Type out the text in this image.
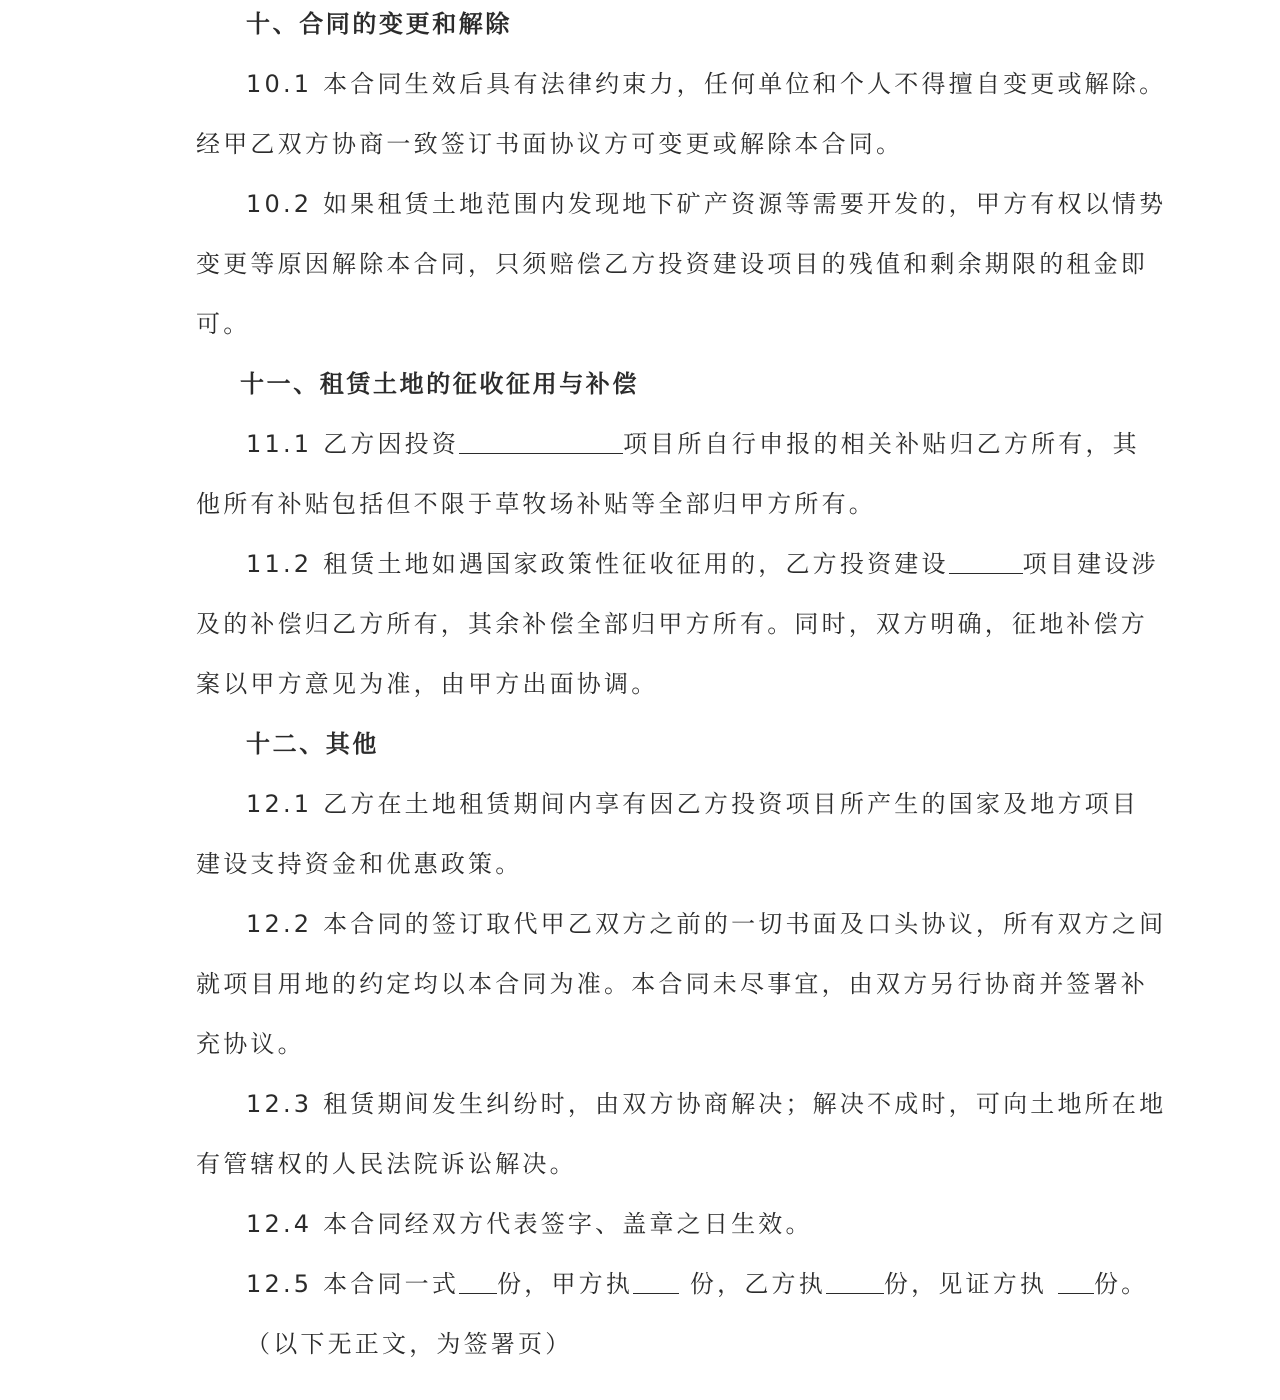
十、合同的变更和解除
10.1 本合同生效后具有法律约束力，任何单位和个人不得擅自变更或解除。
经甲乙双方协商一致签订书面协议方可变更或解除本合同。
10.2 如果租赁土地范围内发现地下矿产资源等需要开发的，甲方有权以情势
变更等原因解除本合同，只须赔偿乙方投资建设项目的残值和剩余期限的租金即
可。
十一、租赁土地的征收征用与补偿
11.1 乙方因投资	项目所自行申报的相关补贴归乙方所有，其
他所有补贴包括但不限于草牧场补贴等全部归甲方所有。
11.2 租赁土地如遇国家政策性征收征用的，乙方投资建设	项目建设涉
及的补偿归乙方所有，其余补偿全部归甲方所有。同时，双方明确，征地补偿方
案以甲方意见为准，由甲方出面协调。
十二、其他
12.1 乙方在土地租赁期间内享有因乙方投资项目所产生的国家及地方项目
建设支持资金和优惠政策。
12.2 本合同的签订取代甲乙双方之前的一切书面及口头协议，所有双方之间
就项目用地的约定均以本合同为准。本合同未尽事宜，由双方另行协商并签署补
充协议。
12.3 租赁期间发生纠纷时，由双方协商解决；解决不成时，可向土地所在地
有管辖权的人民法院诉讼解决。
12.4 本合同经双方代表签字、盖章之日生效。
12.5 本合同一式 份，甲方执 份，乙方执 份，见证方执 份。
（以下无正文，为签署页）
